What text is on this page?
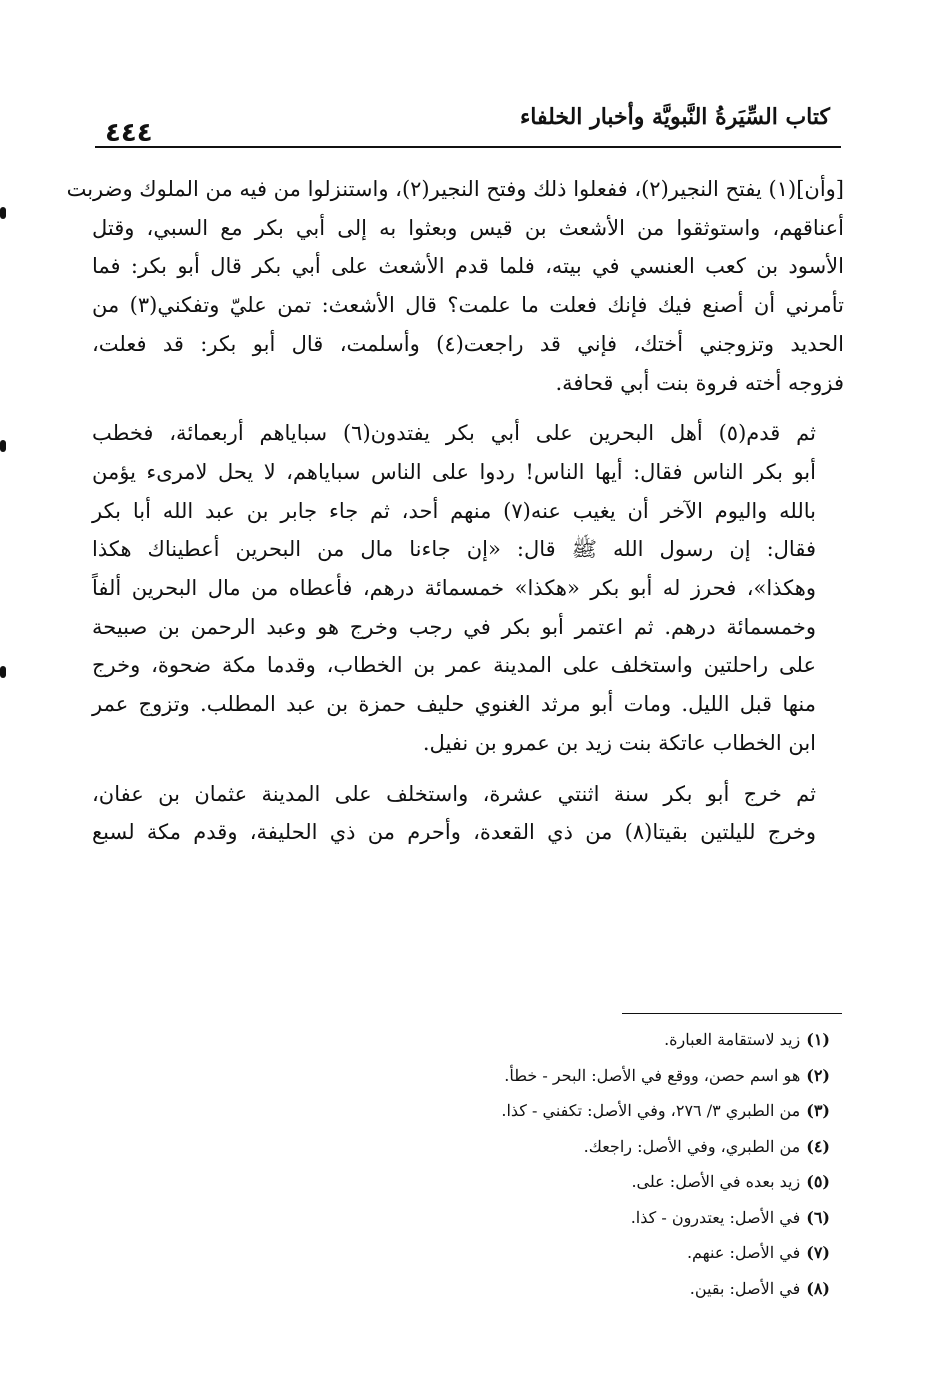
كتاب السِّيَرةُ النَّبويَّة وأخبار الخلفاء
٤٤٤

[وأن](١) يفتح النجير(٢)، ففعلوا ذلك وفتح النجير(٢)، واستنزلوا من فيه من الملوك وضربت
أعناقهم، واستوثقوا من الأشعث بن قيس وبعثوا به إلى أبي بكر مع السبي، وقتل
الأسود بن كعب العنسي في بيته، فلما قدم الأشعث على أبي بكر قال أبو بكر: فما
تأمرني أن أصنع فيك فإنك فعلت ما علمت؟ قال الأشعث: تمن عليّ وتفكني(٣) من
الحديد وتزوجني أختك، فإني قد راجعت(٤) وأسلمت، قال أبو بكر: قد فعلت،
فزوجه أخته فروة بنت أبي قحافة.

ثم قدم(٥) أهل البحرين على أبي بكر يفتدون(٦) سباياهم أربعمائة، فخطب
أبو بكر الناس فقال: أيها الناس! ردوا على الناس سباياهم، لا يحل لامرىء يؤمن
بالله واليوم الآخر أن يغيب عنه(٧) منهم أحد، ثم جاء جابر بن عبد الله أبا بكر
فقال: إن رسول الله ﷺ قال: «إن جاءنا مال من البحرين أعطيناك هكذا
وهكذا»، فحرز له أبو بكر «هكذا» خمسمائة درهم، فأعطاه من مال البحرين ألفاً
وخمسمائة درهم. ثم اعتمر أبو بكر في رجب وخرج هو وعبد الرحمن بن صبيحة
على راحلتين واستخلف على المدينة عمر بن الخطاب، وقدما مكة ضحوة، وخرج
منها قبل الليل. ومات أبو مرثد الغنوي حليف حمزة بن عبد المطلب. وتزوج عمر
ابن الخطاب عاتكة بنت زيد بن عمرو بن نفيل.

ثم خرج أبو بكر سنة اثنتي عشرة، واستخلف على المدينة عثمان بن عفان،
وخرج لليلتين بقيتا(٨) من ذي القعدة، وأحرم من ذي الحليفة، وقدم مكة لسبع

(١)زيد لاستقامة العبارة.
(٢)هو اسم حصن، ووقع في الأصل: البحر - خطأ.
(٣)من الطبري ٣/ ٢٧٦، وفي الأصل: تكفني - كذا.
(٤)من الطبري، وفي الأصل: راجعك.
(٥)زيد بعده في الأصل: على.
(٦)في الأصل: يعتدرون - كذا.
(٧)في الأصل: عنهم.
(٨)في الأصل: بقين.
